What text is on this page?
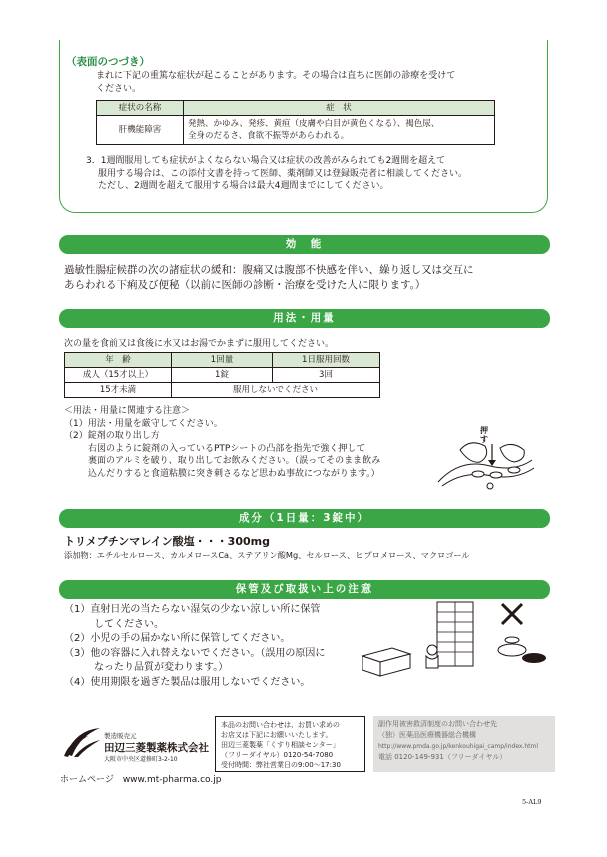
（表面のつづき）
まれに下記の重篤な症状が起こることがあります。その場合は直ちに医師の診療を受けて
ください。
症状の名称	症　状
肝機能障害	発熱、かゆみ、発疹、黄疸（皮膚や白目が黄色くなる）、褐色尿、
全身のだるさ、食欲不振等があらわれる。
3．1週間服用しても症状がよくならない場合又は症状の改善がみられても2週間を超えて
服用する場合は、この添付文書を持って医師、薬剤師又は登録販売者に相談してください。
ただし、2週間を超えて服用する場合は最大4週間までにしてください。
効　能
過敏性腸症候群の次の諸症状の緩和：腹痛又は腹部不快感を伴い、繰り返し又は交互に
あらわれる下痢及び便秘（以前に医師の診断・治療を受けた人に限ります。）
用法・用量
次の量を食前又は食後に水又はお湯でかまずに服用してください。
年　齢	1回量	1日服用回数
成人（15才以上）	1錠	3回
15才未満	服用しないでください	
＜用法・用量に関連する注意＞
（1）用法・用量を厳守してください。
（2）錠剤の取り出し方
右図のように錠剤の入っているPTPシートの凸部を指先で強く押して
裏面のアルミを破り、取り出してお飲みください。（誤ってそのまま飲み
込んだりすると食道粘膜に突き刺さるなど思わぬ事故につながります。）
押す
成分（1日量：3錠中）
トリメブチンマレイン酸塩・・・300mg
添加物：エチルセルロース、カルメロースCa、ステアリン酸Mg、セルロース、ヒプロメロース、マクロゴール
保管及び取扱い上の注意
（1）直射日光の当たらない湿気の少ない涼しい所に保管
してください。
（2）小児の手の届かない所に保管してください。
（3）他の容器に入れ替えないでください。（誤用の原因に
なったり品質が変わります。）
（4）使用期限を過ぎた製品は服用しないでください。
製造販売元
田辺三菱製薬株式会社
大阪市中央区道修町3-2-10
ホームページ　www.mt-pharma.co.jp
本品のお問い合わせは、お買い求めの
お店又は下記にお願いいたします。
田辺三菱製薬「くすり相談センター」
（フリーダイヤル）0120-54-7080
受付時間：弊社営業日の9:00〜17:30
副作用被害救済制度のお問い合わせ先
（独）医薬品医療機器総合機構
http://www.pmda.go.jp/kenkouhigai_camp/index.html
電話 0120-149-931（フリーダイヤル）
5-AL9
